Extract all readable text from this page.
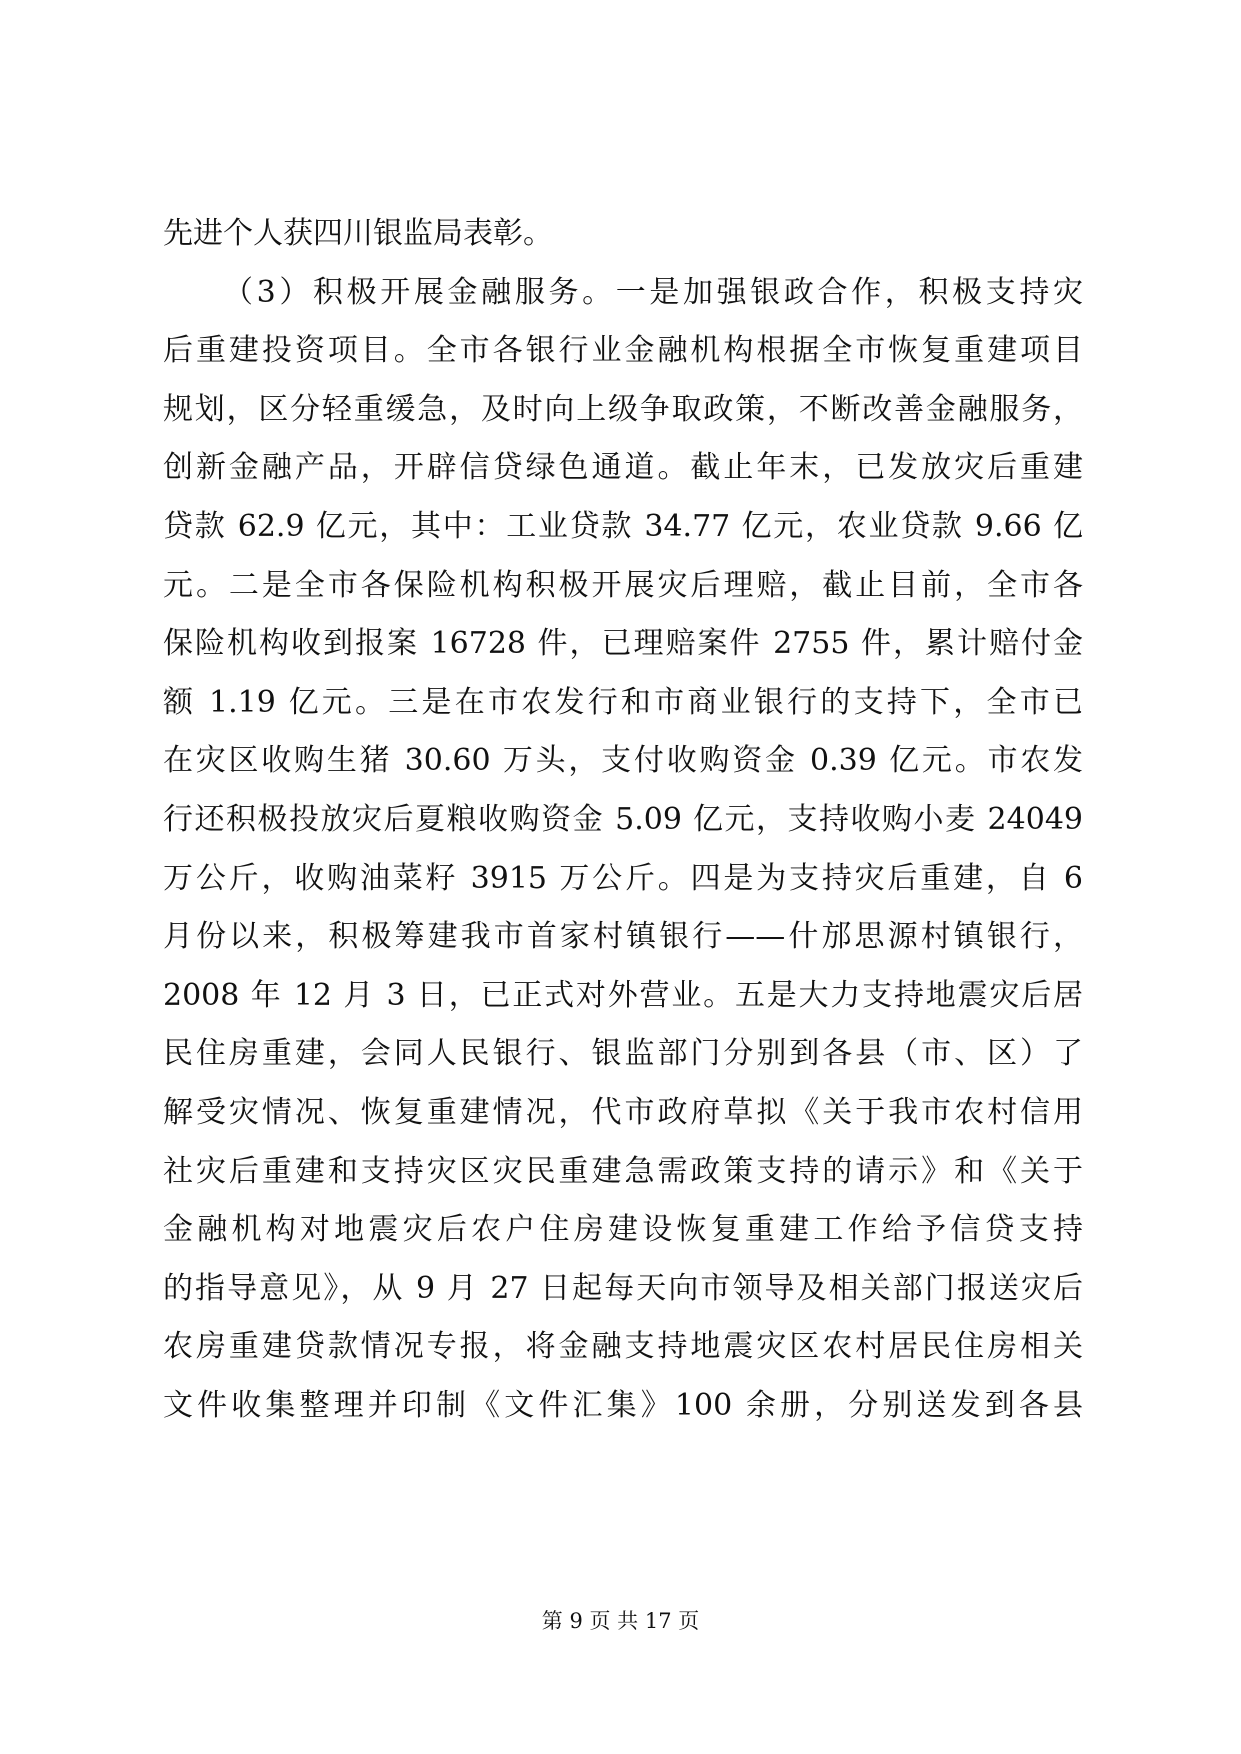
先进个人获四川银监局表彰。
（3）积极开展金融服务。一是加强银政合作，积极支持灾
后重建投资项目。全市各银行业金融机构根据全市恢复重建项目
规划，区分轻重缓急，及时向上级争取政策，不断改善金融服务，
创新金融产品，开辟信贷绿色通道。截止年末，已发放灾后重建
贷款 62.9 亿元，其中：工业贷款 34.77 亿元，农业贷款 9.66 亿
元。二是全市各保险机构积极开展灾后理赔，截止目前，全市各
保险机构收到报案 16728 件，已理赔案件 2755 件，累计赔付金
额 1.19 亿元。三是在市农发行和市商业银行的支持下，全市已
在灾区收购生猪 30.60 万头，支付收购资金 0.39 亿元。市农发
行还积极投放灾后夏粮收购资金 5.09 亿元，支持收购小麦 24049
万公斤，收购油菜籽 3915 万公斤。四是为支持灾后重建，自 6
月份以来，积极筹建我市首家村镇银行——什邡思源村镇银行，
2008 年 12 月 3 日，已正式对外营业。五是大力支持地震灾后居
民住房重建，会同人民银行、银监部门分别到各县（市、区）了
解受灾情况、恢复重建情况，代市政府草拟《关于我市农村信用
社灾后重建和支持灾区灾民重建急需政策支持的请示》和《关于
金融机构对地震灾后农户住房建设恢复重建工作给予信贷支持
的指导意见》，从 9 月 27 日起每天向市领导及相关部门报送灾后
农房重建贷款情况专报，将金融支持地震灾区农村居民住房相关
文件收集整理并印制《文件汇集》100 余册，分别送发到各县
第 9 页 共 17 页
